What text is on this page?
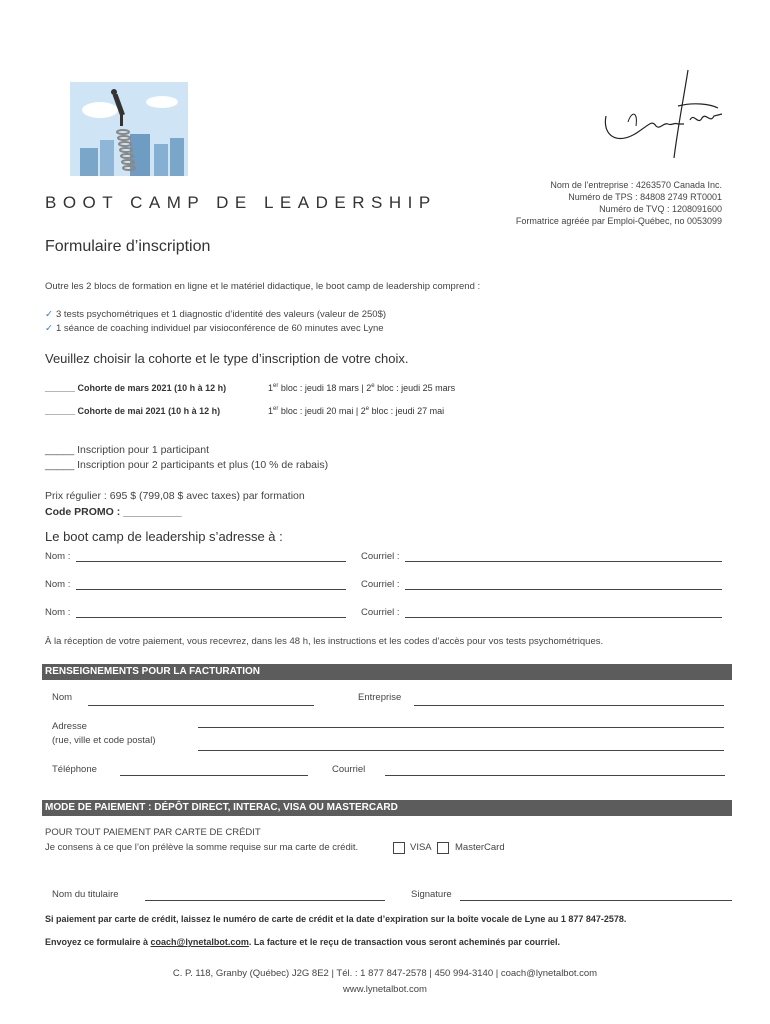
BOOT CAMP DE LEADERSHIP
Nom de l’entreprise : 4263570 Canada Inc.
Numéro de TPS : 84808 2749 RT0001
Numéro de TVQ : 1208091600
Formatrice agréée par Emploi-Québec, no 0053099
Formulaire d’inscription
Outre les 2 blocs de formation en ligne et le matériel didactique, le boot camp de leadership comprend :
✓ 3 tests psychométriques et 1 diagnostic d’identité des valeurs (valeur de 250$)
✓ 1 séance de coaching individuel par visioconférence de 60 minutes avec Lyne
Veuillez choisir la cohorte et le type d’inscription de votre choix.
______ Cohorte de mars 2021 (10 h à 12 h)	1er bloc : jeudi 18 mars | 2e bloc : jeudi 25 mars
______ Cohorte de mai 2021 (10 h à 12 h)	1er bloc : jeudi 20 mai | 2e bloc : jeudi 27 mai
_____ Inscription pour 1 participant
_____ Inscription pour 2 participants et plus (10 % de rabais)
Prix régulier : 695 $ (799,08 $ avec taxes) par formation
Code PROMO : __________
Le boot camp de leadership s’adresse à :
Nom :	Courriel :
Nom :	Courriel :
Nom :	Courriel :
À la réception de votre paiement, vous recevrez, dans les 48 h, les instructions et les codes d’accès pour vos tests psychométriques.
RENSEIGNEMENTS POUR LA FACTURATION
Nom	Entreprise
Adresse
(rue, ville et code postal)
Téléphone	Courriel
MODE DE PAIEMENT : DÉPÔT DIRECT, INTERAC, VISA OU MASTERCARD
POUR TOUT PAIEMENT PAR CARTE DE CRÉDIT
Je consens à ce que l’on prélève la somme requise sur ma carte de crédit.	VISA MasterCard
Nom du titulaire	Signature
Si paiement par carte de crédit, laissez le numéro de carte de crédit et la date d’expiration sur la boîte vocale de Lyne au 1 877 847-2578.
Envoyez ce formulaire à coach@lynetalbot.com. La facture et le reçu de transaction vous seront acheminés par courriel.
C. P. 118, Granby (Québec) J2G 8E2 | Tél. : 1 877 847-2578 | 450 994-3140 | coach@lynetalbot.com
www.lynetalbot.com
